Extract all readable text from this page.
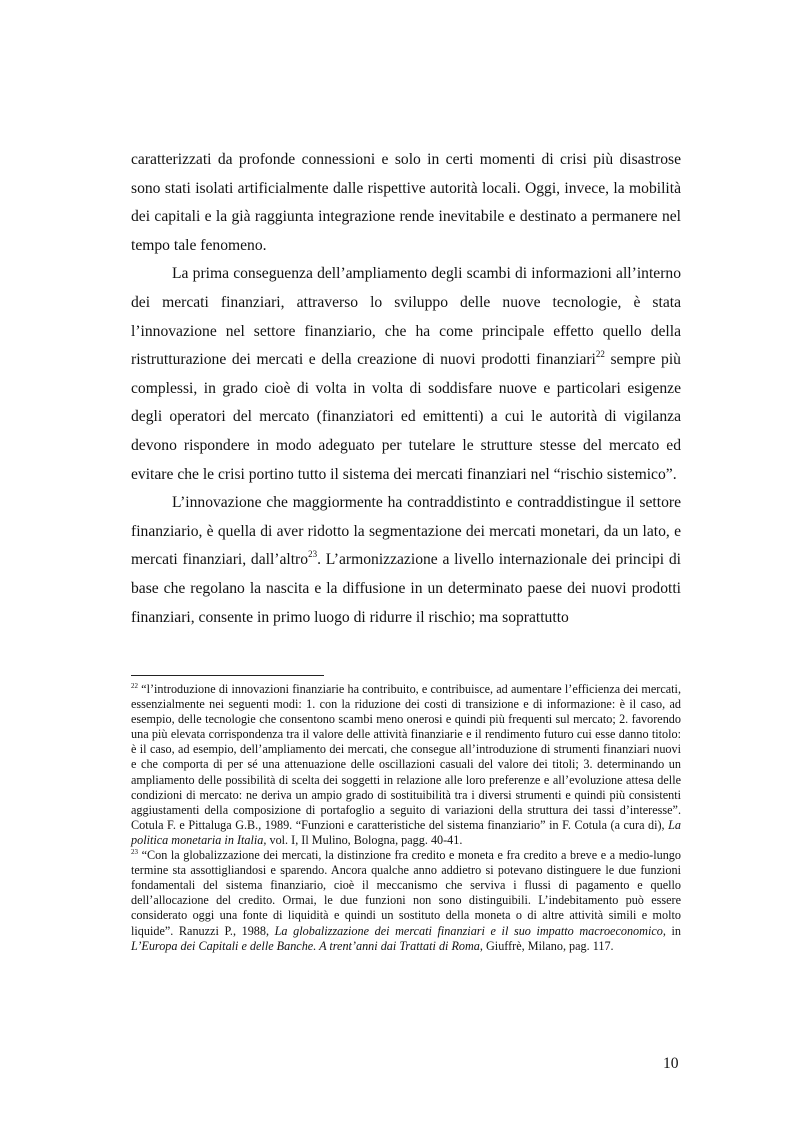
caratterizzati da profonde connessioni e solo in certi momenti di crisi più disastrose sono stati isolati artificialmente dalle rispettive autorità locali. Oggi, invece, la mobilità dei capitali e la già raggiunta integrazione rende inevitabile e destinato a permanere nel tempo tale fenomeno.

La prima conseguenza dell’ampliamento degli scambi di informazioni all’interno dei mercati finanziari, attraverso lo sviluppo delle nuove tecnologie, è stata l’innovazione nel settore finanziario, che ha come principale effetto quello della ristrutturazione dei mercati e della creazione di nuovi prodotti finanziari$^{22}$ sempre più complessi, in grado cioè di volta in volta di soddisfare nuove e particolari esigenze degli operatori del mercato (finanziatori ed emittenti) a cui le autorità di vigilanza devono rispondere in modo adeguato per tutelare le strutture stesse del mercato ed evitare che le crisi portino tutto il sistema dei mercati finanziari nel “rischio sistemico”.

L’innovazione che maggiormente ha contraddistinto e contraddistingue il settore finanziario, è quella di aver ridotto la segmentazione dei mercati monetari, da un lato, e mercati finanziari, dall’altro$^{23}$. L’armonizzazione a livello internazionale dei principi di base che regolano la nascita e la diffusione in un determinato paese dei nuovi prodotti finanziari, consente in primo luogo di ridurre il rischio; ma soprattutto

$^{22}$ “l’introduzione di innovazioni finanziarie ha contribuito, e contribuisce, ad aumentare l’efficienza dei mercati, essenzialmente nei seguenti modi: 1. con la riduzione dei costi di transizione e di informazione: è il caso, ad esempio, delle tecnologie che consentono scambi meno onerosi e quindi più frequenti sul mercato; 2. favorendo una più elevata corrispondenza tra il valore delle attività finanziarie e il rendimento futuro cui esse danno titolo: è il caso, ad esempio, dell’ampliamento dei mercati, che consegue all’introduzione di strumenti finanziari nuovi e che comporta di per sé una attenuazione delle oscillazioni casuali del valore dei titoli; 3. determinando un ampliamento delle possibilità di scelta dei soggetti in relazione alle loro preferenze e all’evoluzione attesa delle condizioni di mercato: ne deriva un ampio grado di sostituibilità tra i diversi strumenti e quindi più consistenti aggiustamenti della composizione di portafoglio a seguito di variazioni della struttura dei tassi d’interesse”. Cotula F. e Pittaluga G.B., 1989. “Funzioni e caratteristiche del sistema finanziario” in F. Cotula (a cura di), La politica monetaria in Italia, vol. I, Il Mulino, Bologna, pagg. 40-41.

$^{23}$ “Con la globalizzazione dei mercati, la distinzione fra credito e moneta e fra credito a breve e a medio-lungo termine sta assottigliandosi e sparendo. Ancora qualche anno addietro si potevano distinguere le due funzioni fondamentali del sistema finanziario, cioè il meccanismo che serviva i flussi di pagamento e quello dell’allocazione del credito. Ormai, le due funzioni non sono distinguibili. L’indebitamento può essere considerato oggi una fonte di liquidità e quindi un sostituto della moneta o di altre attività simili e molto liquide”. Ranuzzi P., 1988, La globalizzazione dei mercati finanziari e il suo impatto macroeconomico, in L’Europa dei Capitali e delle Banche. A trent’anni dai Trattati di Roma, Giuffrè, Milano, pag. 117.

10
